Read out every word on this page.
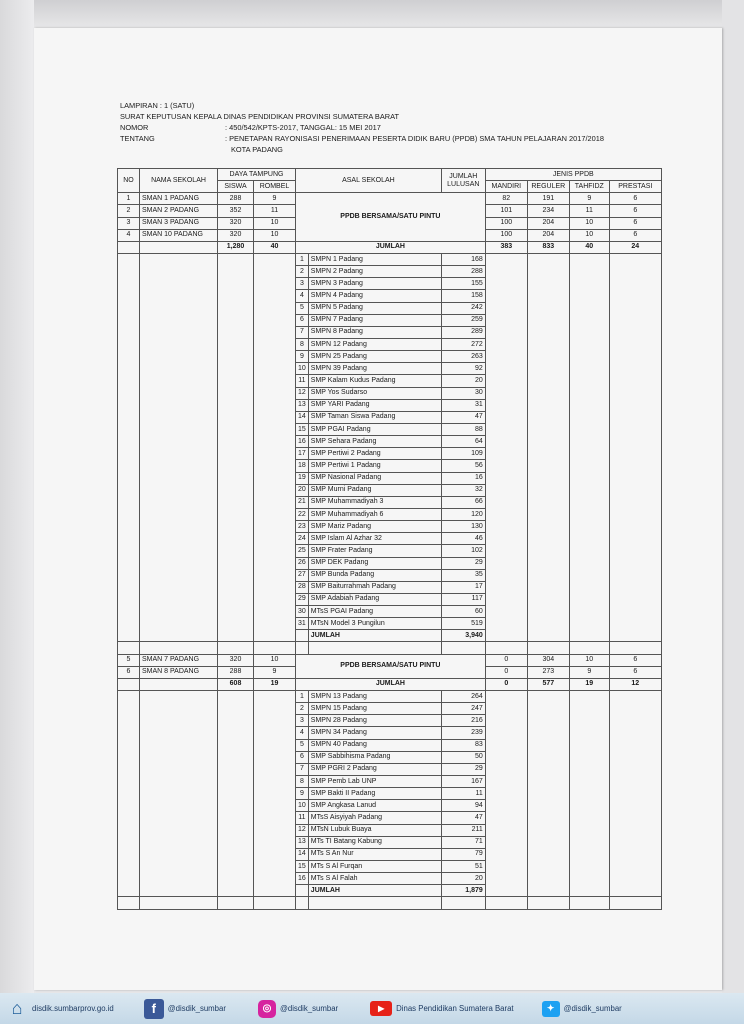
LAMPIRAN : 1 (SATU)
SURAT KEPUTUSAN KEPALA DINAS PENDIDIKAN PROVINSI SUMATERA BARAT
NOMOR	: 450/542/KPTS-2017, TANGGAL: 15 MEI 2017
TENTANG	: PENETAPAN RAYONISASI PENERIMAAN PESERTA DIDIK BARU (PPDB) SMA TAHUN PELAJARAN 2017/2018
KOTA PADANG
NO	NAMA SEKOLAH	DAYA TAMPUNG		ASAL SEKOLAH		JUMLAH LULUSAN	JENIS PPDB			
		SISWA	ROMBEL				MANDIRI	REGULER	TAHFIDZ	PRESTASI
1	SMAN 1 PADANG	288	9	PPDB BERSAMA/SATU PINTU			82	191	9	6
2	SMAN 2 PADANG	352	11				101	234	11	6
3	SMAN 3 PADANG	320	10				100	204	10	6
4	SMAN 10 PADANG	320	10				100	204	10	6
		1,280	40	JUMLAH			383	833	40	24
				1	SMPN 1 Padang	168				
				2	SMPN 2 Padang	288				
				3	SMPN 3 Padang	155				
				4	SMPN 4 Padang	158				
				5	SMPN 5 Padang	242				
				6	SMPN 7 Padang	259				
				7	SMPN 8 Padang	289				
				8	SMPN 12 Padang	272				
				9	SMPN 25 Padang	263				
				10	SMPN 39 Padang	92				
				11	SMP Kalam Kudus Padang	20				
				12	SMP Yos Sudarso	30				
				13	SMP YARI Padang	31				
				14	SMP Taman Siswa Padang	47				
				15	SMP PGAI Padang	88				
				16	SMP Sehara Padang	64				
				17	SMP Pertiwi 2 Padang	109				
				18	SMP Pertiwi 1 Padang	56				
				19	SMP Nasional Padang	16				
				20	SMP Murni Padang	32				
				21	SMP Muhammadiyah 3	66				
				22	SMP Muhammadiyah 6	120				
				23	SMP Mariz Padang	130				
				24	SMP Islam Al Azhar 32	46				
				25	SMP Frater Padang	102				
				26	SMP DEK Padang	29				
				27	SMP Bunda Padang	35				
				28	SMP Baiturrahmah Padang	17				
				29	SMP Adabiah Padang	117				
				30	MTsS PGAI Padang	60				
				31	MTsN Model 3 Pungilun	519				
					JUMLAH	3,940				

5	SMAN 7 PADANG	320	10	PPDB BERSAMA/SATU PINTU			0	304	10	6
6	SMAN 8 PADANG	288	9				0	273	9	6
		608	19	JUMLAH			0	577	19	12
				1	SMPN 13 Padang	264				
				2	SMPN 15 Padang	247				
				3	SMPN 28 Padang	216				
				4	SMPN 34 Padang	239				
				5	SMPN 40 Padang	83				
				6	SMP Sabbihisma Padang	50				
				7	SMP PGRI 2 Padang	29				
				8	SMP Pemb Lab UNP	167				
				9	SMP Bakti II Padang	11				
				10	SMP Angkasa Lanud	94				
				11	MTsS Aisyiyah Padang	47				
				12	MTsN Lubuk Buaya	211				
				13	MTs TI Batang Kabung	71				
				14	MTs S An Nur	79				
				15	MTs S Al Furqan	51				
				16	MTs S Al Falah	20				
					JUMLAH	1,879				

⌂	disdik.sumbarprov.go.id	f	@disdik_sumbar	◎	@disdik_sumbar	▶	Dinas Pendidikan Sumatera Barat	✦	@disdik_sumbar
